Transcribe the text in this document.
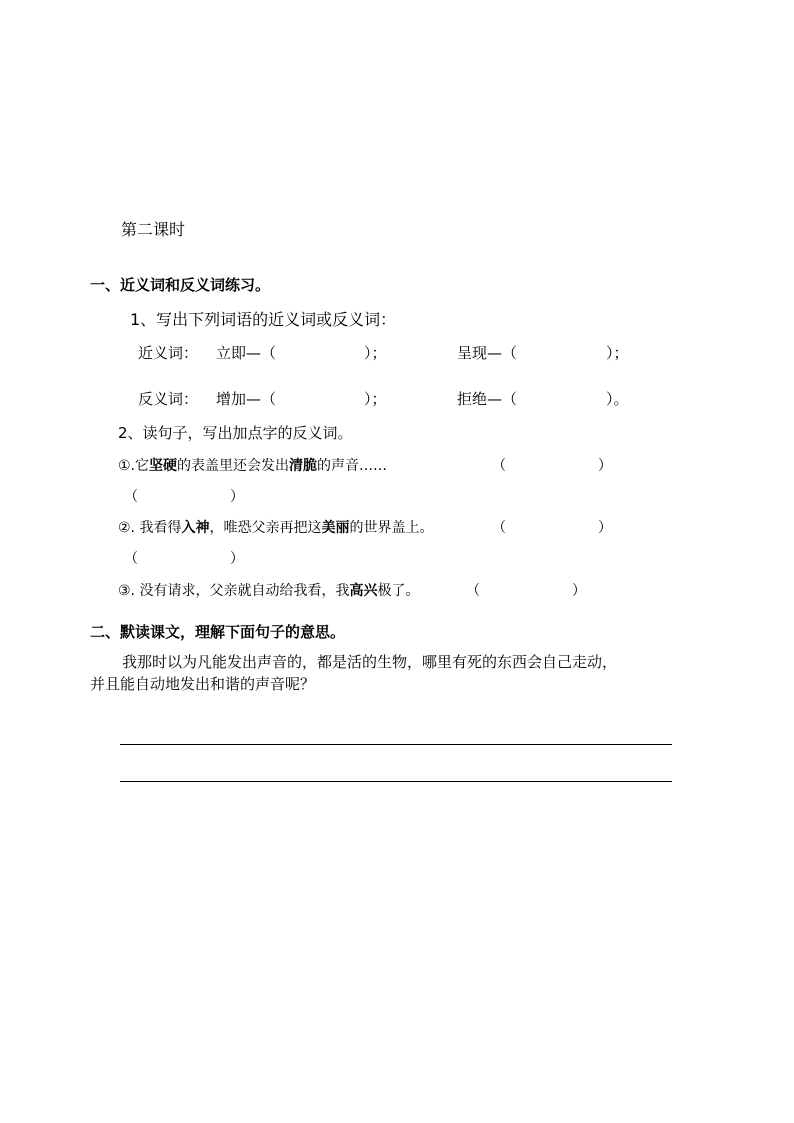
第二课时
一、近义词和反义词练习。
1、写出下列词语的近义词或反义词：
近义词： 立即—（	）；	呈现—（	）；
反义词： 增加—（	）；	拒绝—（	）。
2、读句子，写出加点字的反义词。
①.它坚硬的表盖里还会发出清脆的声音……	（	）
（	）
②. 我看得入神，唯恐父亲再把这美丽的世界盖上。	（	）
（	）
③. 没有请求，父亲就自动给我看，我高兴极了。	（	）
二、默读课文，理解下面句子的意思。
我那时以为凡能发出声音的，都是活的生物，哪里有死的东西会自己走动，
并且能自动地发出和谐的声音呢？
